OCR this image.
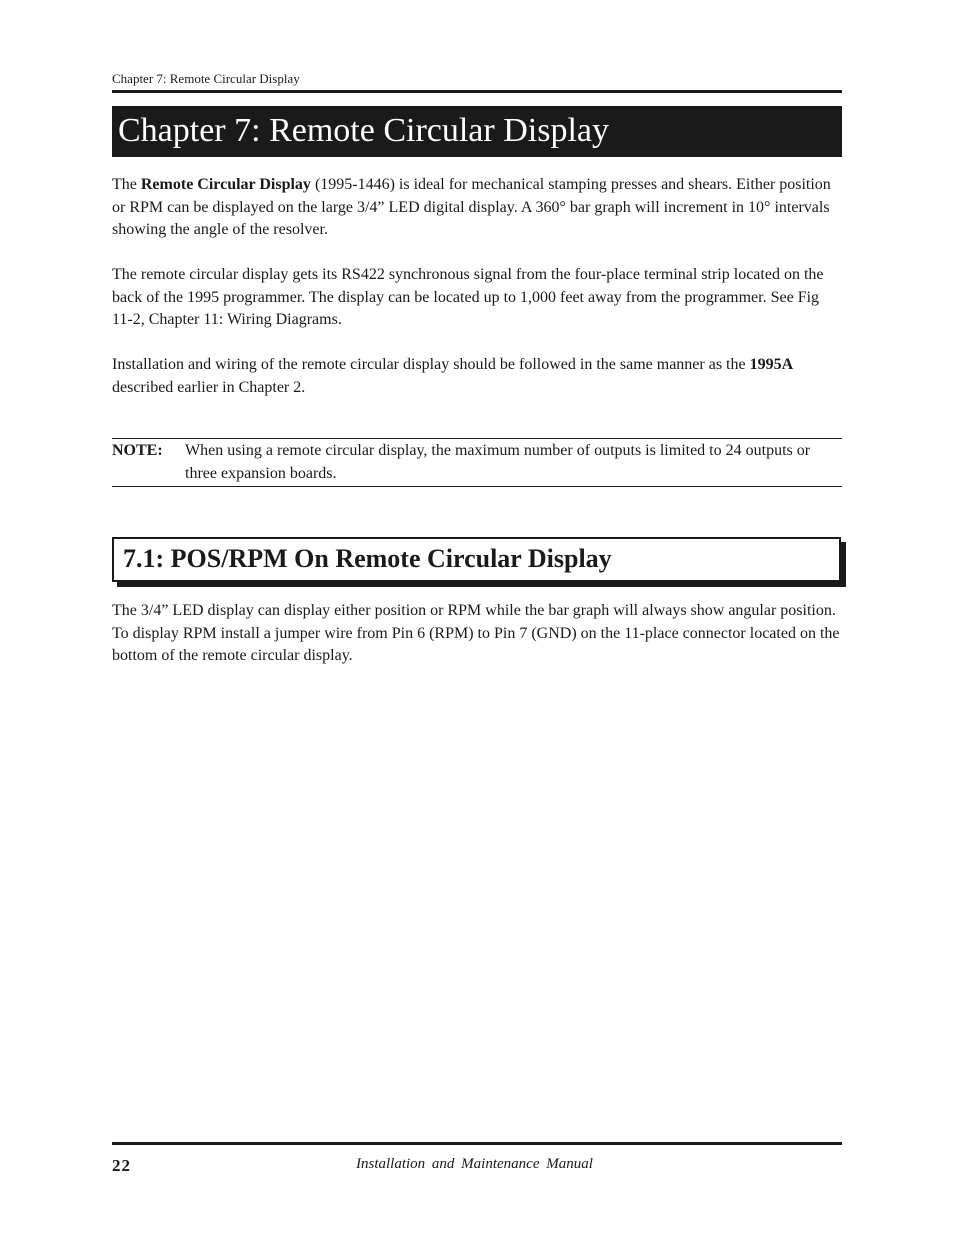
Chapter 7: Remote Circular Display
Chapter 7: Remote Circular Display

The Remote Circular Display (1995-1446) is ideal for mechanical stamping presses and shears. Either position or RPM can be displayed on the large 3/4” LED digital display. A 360° bar graph will increment in 10° intervals showing the angle of the resolver.

The remote circular display gets its RS422 synchronous signal from the four-place terminal strip located on the back of the 1995 programmer. The display can be located up to 1,000 feet away from the programmer. See Fig 11-2, Chapter 11: Wiring Diagrams.

Installation and wiring of the remote circular display should be followed in the same manner as the 1995A described earlier in Chapter 2.

NOTE: When using a remote circular display, the maximum number of outputs is limited to 24 outputs or three expansion boards.
7.1: POS/RPM On Remote Circular Display

The 3/4” LED display can display either position or RPM while the bar graph will always show angular position. To display RPM install a jumper wire from Pin 6 (RPM) to Pin 7 (GND) on the 11-place connector located on the bottom of the remote circular display.

22	Installation and Maintenance Manual
